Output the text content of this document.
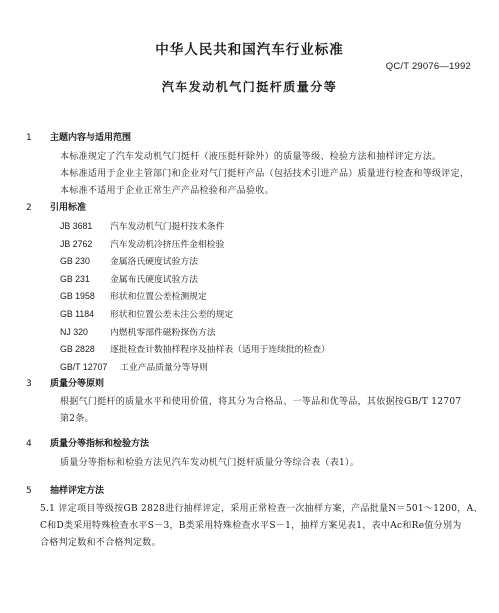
中华人民共和国汽车行业标准
QC/T 29076—1992
汽车发动机气门挺杆质量分等
1 主题内容与适用范围
本标准规定了汽车发动机气门挺杆（液压挺杆除外）的质量等级、检验方法和抽样评定方法。
本标准适用于企业主管部门和企业对气门挺杆产品（包括技术引进产品）质量进行检查和等级评定，
本标准不适用于企业正常生产产品检验和产品验收。
2 引用标准
JB 3681 汽车发动机气门挺杆技术条件
JB 2762 汽车发动机冷挤压件金相检验
GB 230 金属洛氏硬度试验方法
GB 231 金属布氏硬度试验方法
GB 1958 形状和位置公差检测规定
GB 1184 形状和位置公差未注公差的规定
NJ 320	内燃机零部件磁粉探伤方法
GB 2828 逐批检查计数抽样程序及抽样表（适用于连续批的检查）
GB/T 12707 工业产品质量分等导则
3 质量分等原则
根据气门挺杆的质量水平和使用价值，将其分为合格品、一等品和优等品，其依据按GB/T 12707
第2条。
4 质量分等指标和检验方法
质量分等指标和检验方法见汽车发动机气门挺杆质量分等综合表（表1）。
5 抽样评定方法
5.1 评定项目等级按GB 2828进行抽样评定，采用正常检查一次抽样方案，产品批量N＝501～1200，A、
C和D类采用特殊检查水平S－3，B类采用特殊检查水平S－1，抽样方案见表1，表中Ac和Re值分别为
合格判定数和不合格判定数。
